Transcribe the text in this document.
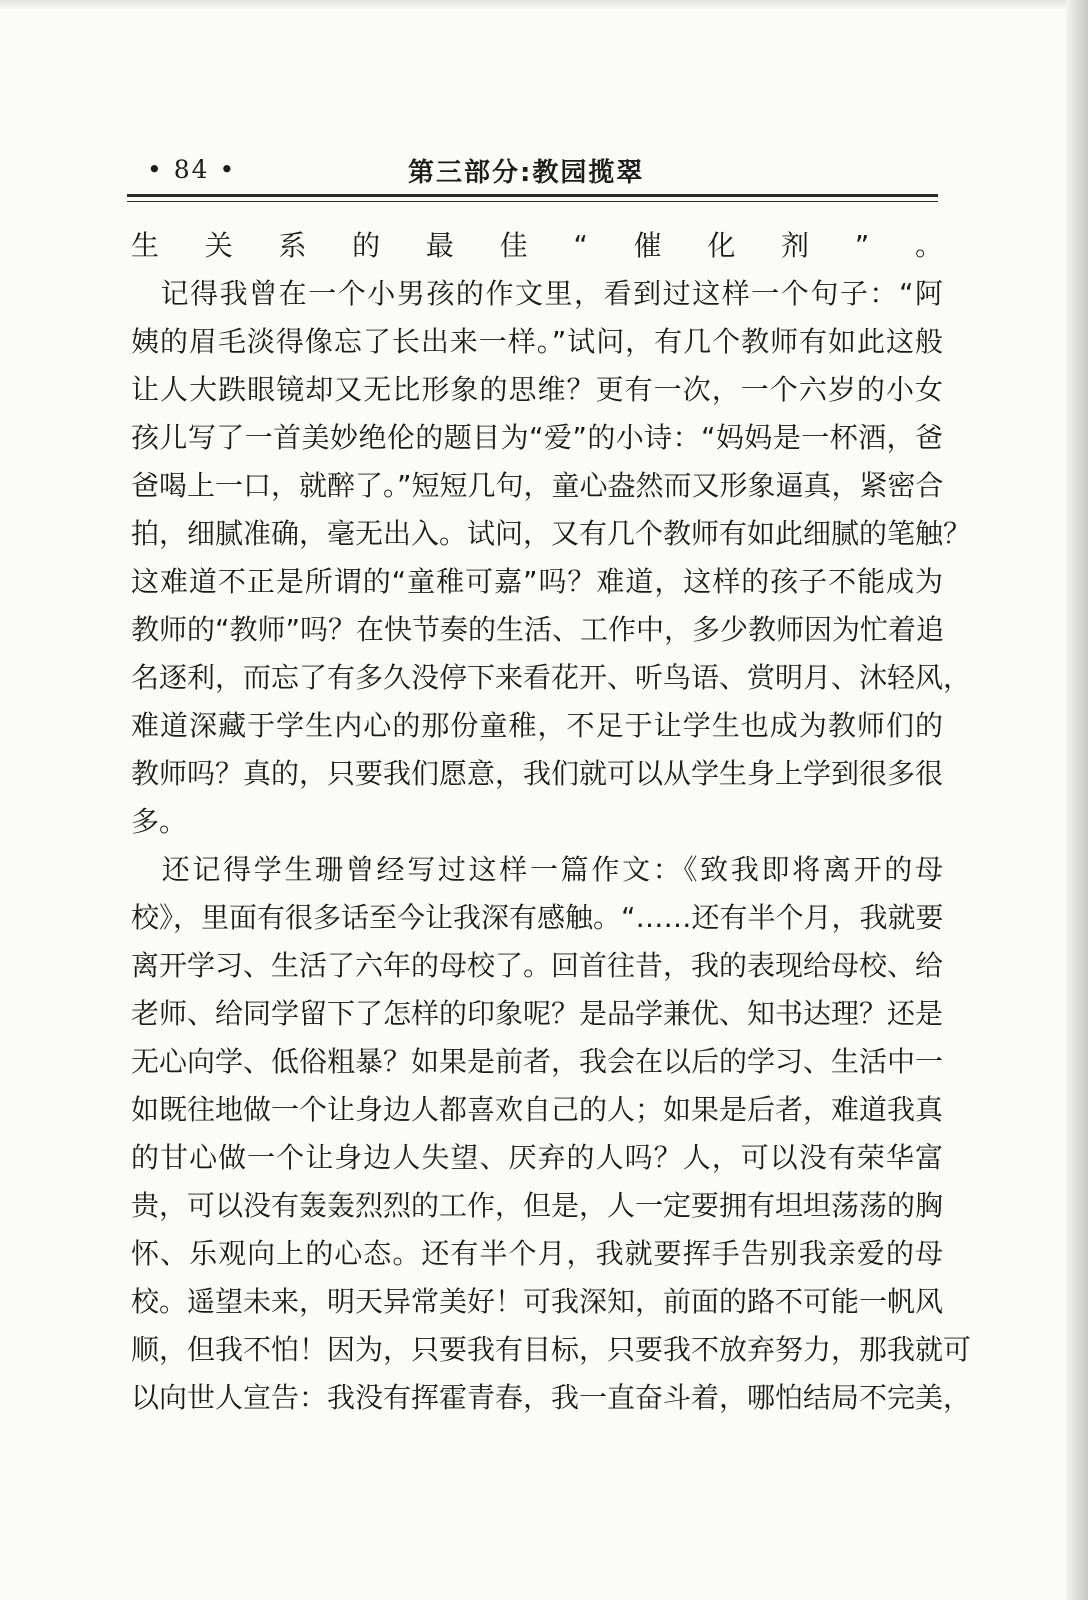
• 84 •	第三部分:教园揽翠
生关系的最佳“催化剂”。
　记得我曾在一个小男孩的作文里，看到过这样一个句子：“阿
姨的眉毛淡得像忘了长出来一样。”试问，有几个教师有如此这般
让人大跌眼镜却又无比形象的思维？更有一次，一个六岁的小女
孩儿写了一首美妙绝伦的题目为“爱”的小诗：“妈妈是一杯酒，爸
爸喝上一口，就醉了。”短短几句，童心盎然而又形象逼真，紧密合
拍，细腻准确，毫无出入。试问，又有几个教师有如此细腻的笔触？
这难道不正是所谓的“童稚可嘉”吗？难道，这样的孩子不能成为
教师的“教师”吗？在快节奏的生活、工作中，多少教师因为忙着追
名逐利，而忘了有多久没停下来看花开、听鸟语、赏明月、沐轻风，
难道深藏于学生内心的那份童稚，不足于让学生也成为教师们的
教师吗？真的，只要我们愿意，我们就可以从学生身上学到很多很
多。
　还记得学生珊曾经写过这样一篇作文：《致我即将离开的母
校》，里面有很多话至今让我深有感触。“……还有半个月，我就要
离开学习、生活了六年的母校了。回首往昔，我的表现给母校、给
老师、给同学留下了怎样的印象呢？是品学兼优、知书达理？还是
无心向学、低俗粗暴？如果是前者，我会在以后的学习、生活中一
如既往地做一个让身边人都喜欢自己的人；如果是后者，难道我真
的甘心做一个让身边人失望、厌弃的人吗？人，可以没有荣华富
贵，可以没有轰轰烈烈的工作，但是，人一定要拥有坦坦荡荡的胸
怀、乐观向上的心态。还有半个月，我就要挥手告别我亲爱的母
校。遥望未来，明天异常美好！可我深知，前面的路不可能一帆风
顺，但我不怕！因为，只要我有目标，只要我不放弃努力，那我就可
以向世人宣告：我没有挥霍青春，我一直奋斗着，哪怕结局不完美，
